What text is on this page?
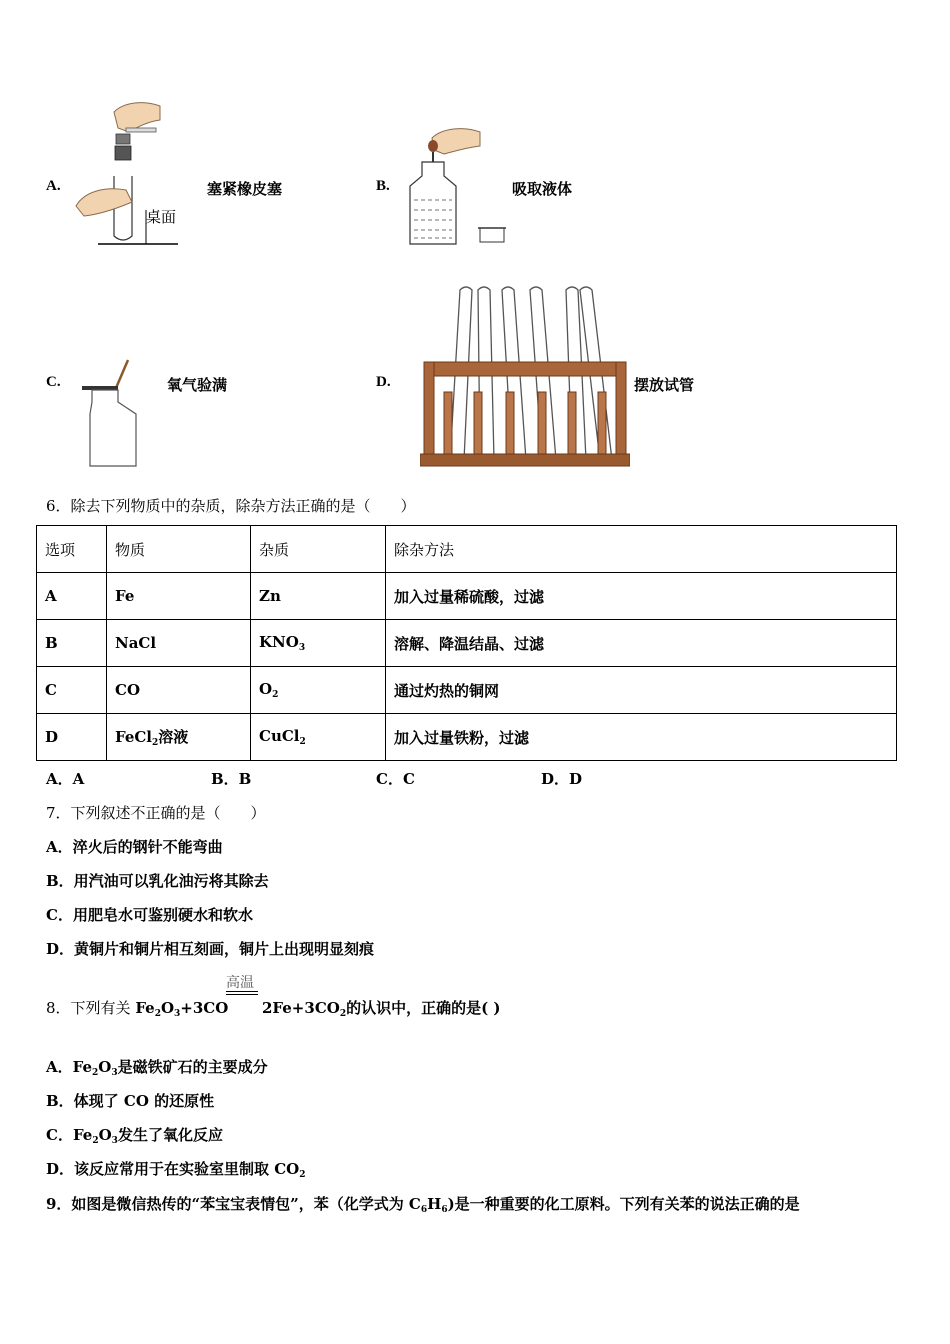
A.
桌面
塞紧橡皮塞	B.	吸取液体
C.	氧气验满	D.	摆放试管
6．除去下列物质中的杂质，除杂方法正确的是（　　）
选项	物质	杂质	除杂方法
A	Fe	Zn	加入过量稀硫酸，过滤
B	NaCl	$KNO_3$	溶解、降温结晶、过滤
C	CO	$O_2$	通过灼热的铜网
D	FeCl$_2$溶液	CuCl$_2$	加入过量铁粉，过滤
A．A	B．B	C．C	D．D
7．下列叙述不正确的是（　　）
A．淬火后的钢针不能弯曲
B．用汽油可以乳化油污将其除去
C．用肥皂水可鉴别硬水和软水
D．黄铜片和铜片相互刻画，铜片上出现明显刻痕
高温
8．下列有关 $Fe_2O_3+3CO$ $2Fe+3CO_2$的认识中，正确的是( )
A．$Fe_2O_3$是磁铁矿石的主要成分
B．体现了 CO 的还原性
C．$Fe_2O_3$发生了氧化反应
D．该反应常用于在实验室里制取 $CO_2$
9．如图是微信热传的“苯宝宝表情包”，苯（化学式为 $C_6H_6$)是一种重要的化工原料。下列有关苯的说法正确的是
